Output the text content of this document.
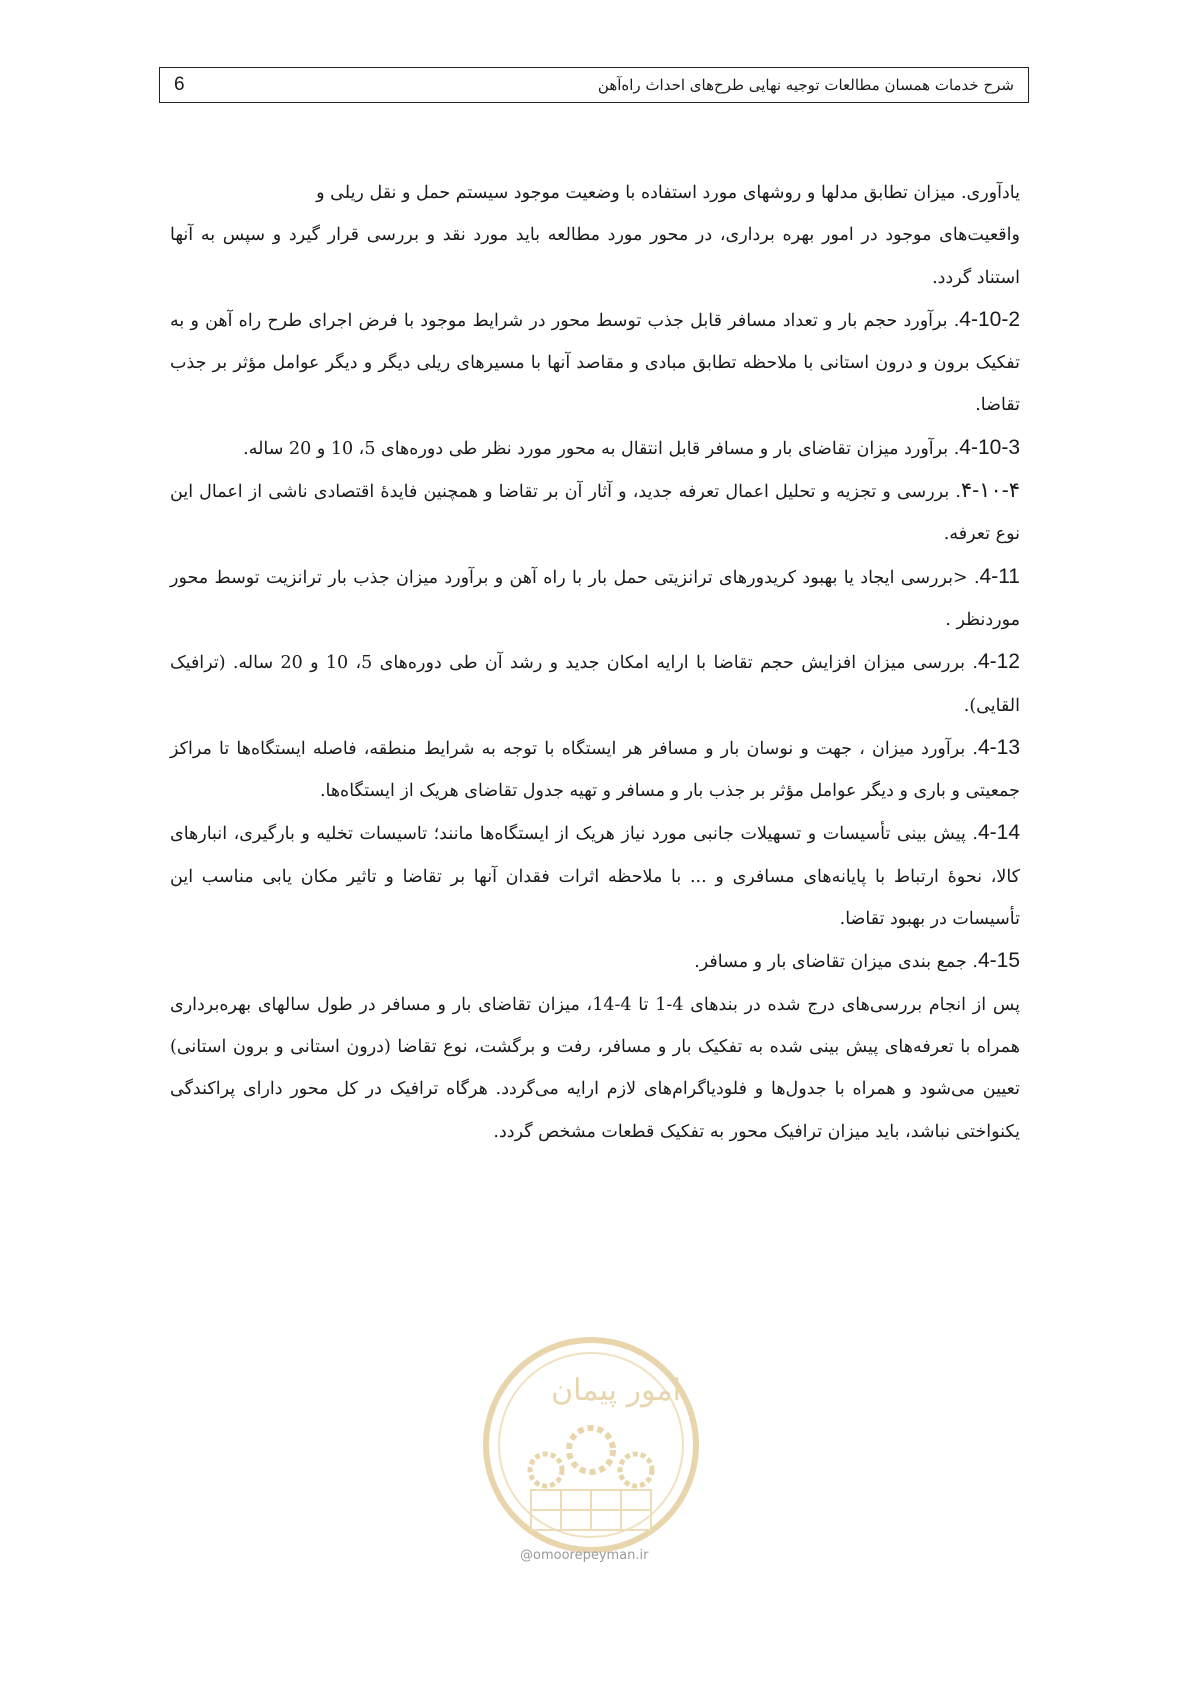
6	شرح خدمات همسان مطالعات توجیه نهایی طرح‌های احداث راه‌آهن

یادآوری. میزان تطابق مدلها و روشهای مورد استفاده با وضعیت موجود سیستم حمل و نقل ریلی و

واقعیت‌های موجود در امور بهره برداری، در محور مورد مطالعه باید مورد نقد و بررسی قرار گیرد و سپس به آنها استناد گردد.

4-10-2. برآورد حجم بار و تعداد مسافر قابل جذب توسط محور در شرایط موجود با فرض اجرای طرح راه آهن و به تفکیک برون و درون استانی با ملاحظه تطابق مبادی و مقاصد آنها با مسیرهای ریلی دیگر و دیگر عوامل مؤثر بر جذب تقاضا.

4-10-3. برآورد میزان تقاضای بار و مسافر قابل انتقال به محور مورد نظر طی دوره‌های 5، 10 و 20 ساله.

۴-۱۰-۴. بررسی و تجزیه و تحلیل اعمال تعرفه جدید، و آثار آن بر تقاضا و همچنین فایدهٔ اقتصادی ناشی از اعمال این نوع تعرفه.

4-11. <بررسی ایجاد یا بهبود کریدورهای ترانزیتی حمل بار با راه آهن و برآورد میزان جذب بار ترانزیت توسط محور موردنظر .

4-12. بررسی میزان افزایش حجم تقاضا با ارایه امکان جدید و رشد آن طی دوره‌های 5، 10 و 20 ساله. (ترافیک القایی).

4-13. برآورد میزان ، جهت و نوسان بار و مسافر هر ایستگاه با توجه به شرایط منطقه، فاصله ایستگاه‌ها تا مراکز جمعیتی و باری و دیگر عوامل مؤثر بر جذب بار و مسافر و تهیه جدول تقاضای هریک از ایستگاه‌ها.

4-14. پیش بینی تأسیسات و تسهیلات جانبی مورد نیاز هریک از ایستگاه‌ها مانند؛ تاسیسات تخلیه و بارگیری، انبارهای کالا، نحوهٔ ارتباط با پایانه‌های مسافری و ... با ملاحظه اثرات فقدان آنها بر تقاضا و تاثیر مکان یابی مناسب این تأسیسات در بهبود تقاضا.

4-15. جمع بندی میزان تقاضای بار و مسافر.

پس از انجام بررسی‌های درج شده در بندهای 4-1 تا 4-14، میزان تقاضای بار و مسافر در طول سالهای بهره‌برداری همراه با تعرفه‌های پیش بینی شده به تفکیک بار و مسافر، رفت و برگشت، نوع تقاضا (درون استانی و برون استانی) تعیین می‌شود و همراه با جدول‌ها و فلودیاگرام‌های لازم ارایه می‌گردد. هرگاه ترافیک در کل محور دارای پراکندگی یکنواختی نباشد، باید میزان ترافیک محور به تفکیک قطعات مشخص گردد.

امور پیمان
@omoorepeyman.ir
